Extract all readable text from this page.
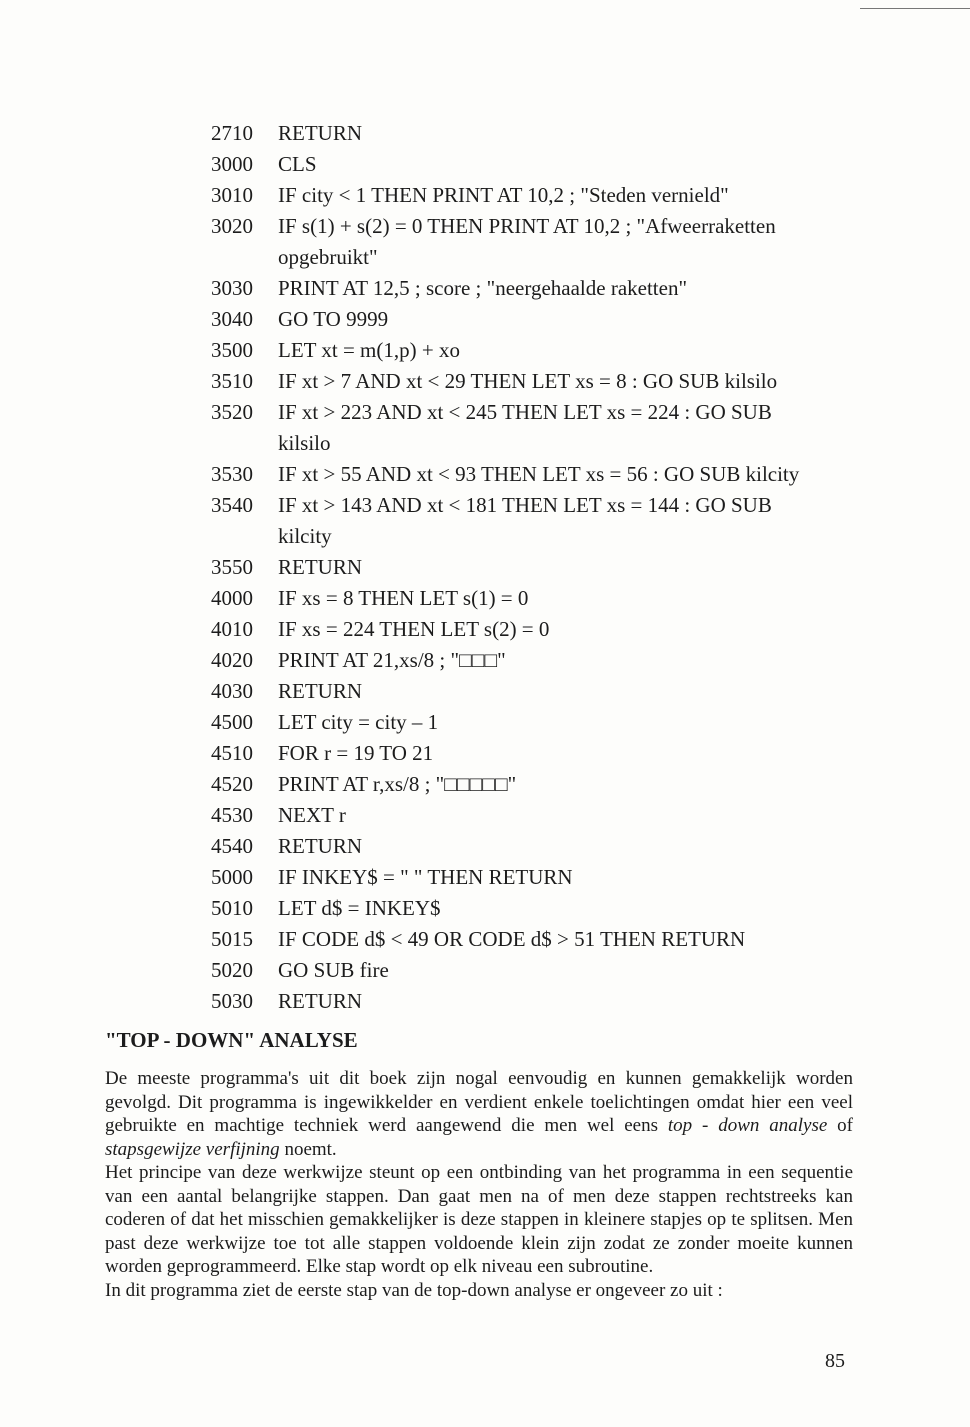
2710	RETURN
3000	CLS
3010	IF city < 1 THEN PRINT AT 10,2 ; "Steden vernield"
3020	IF s(1) + s(2) = 0 THEN PRINT AT 10,2 ; "Afweerraketten
opgebruikt"
3030	PRINT AT 12,5 ; score ; "neergehaalde raketten"
3040	GO TO 9999
3500	LET xt = m(1,p) + xo
3510	IF xt > 7 AND xt < 29 THEN LET xs = 8 : GO SUB kilsilo
3520	IF xt > 223 AND xt < 245 THEN LET xs = 224 : GO SUB
kilsilo
3530	IF xt > 55 AND xt < 93 THEN LET xs = 56 : GO SUB kilcity
3540	IF xt > 143 AND xt < 181 THEN LET xs = 144 : GO SUB
kilcity
3550	RETURN
4000	IF xs = 8 THEN LET s(1) = 0
4010	IF xs = 224 THEN LET s(2) = 0
4020	PRINT AT 21,xs/8 ; "□□□"
4030	RETURN
4500	LET city = city – 1
4510	FOR r = 19 TO 21
4520	PRINT AT r,xs/8 ; "□□□□□"
4530	NEXT r
4540	RETURN
5000	IF INKEY$ = " " THEN RETURN
5010	LET d$ = INKEY$
5015	IF CODE d$ < 49 OR CODE d$ > 51 THEN RETURN
5020	GO SUB fire
5030	RETURN
"TOP - DOWN" ANALYSE

De meeste programma's uit dit boek zijn nogal eenvoudig en kunnen gemakkelijk worden gevolgd. Dit programma is ingewikkelder en verdient enkele toelichtingen omdat hier een veel gebruikte en machtige techniek werd aangewend die men wel eens top - down analyse of stapsgewijze verfijning noemt.

Het principe van deze werkwijze steunt op een ontbinding van het programma in een sequentie van een aantal belangrijke stappen. Dan gaat men na of men deze stappen rechtstreeks kan coderen of dat het misschien gemakkelijker is deze stappen in kleinere stapjes op te splitsen. Men past deze werkwijze toe tot alle stappen voldoende klein zijn zodat ze zonder moeite kunnen worden geprogrammeerd. Elke stap wordt op elk niveau een subroutine.

In dit programma ziet de eerste stap van de top-down analyse er ongeveer zo uit :

85
